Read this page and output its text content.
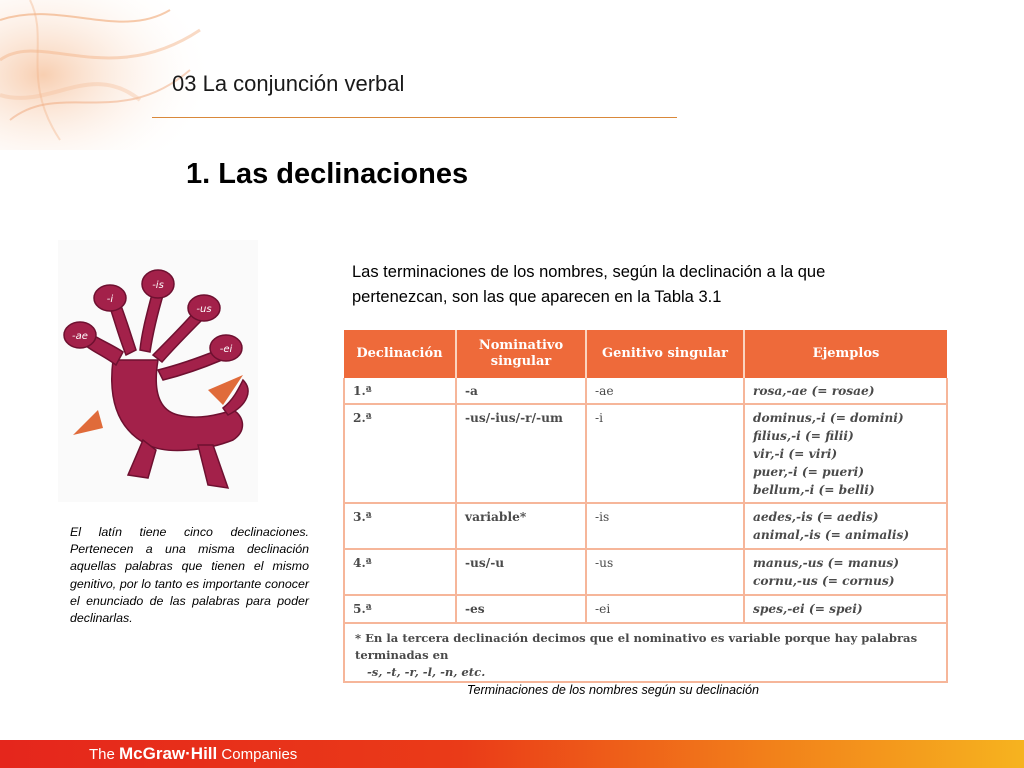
03 La conjunción verbal
1. Las declinaciones
-ae
-i
-is
-us
-ei
El latín tiene cinco declinaciones. Pertenecen a una misma declinación aquellas palabras que tienen el mismo genitivo, por lo tanto es importante conocer el enunciado de las palabras para poder declinarlas.
Las terminaciones de los nombres, según la declinación a la que pertenezcan, son las que aparecen en la Tabla 3.1
Declinación	Nominativo singular	Genitivo singular	Ejemplos
1.ª	-a	-ae	rosa,-ae (= rosae)

2.ª	-us/-ius/-r/-um	-i	dominus,-i (= domini)
filius,-i (= filii)
vir,-i (= viri)
puer,-i (= pueri)
bellum,-i (= belli)

3.ª	variable*	-is	aedes,-is (= aedis)
animal,-is (= animalis)

4.ª	-us/-u	-us	manus,-us (= manus)
cornu,-us (= cornus)

5.ª	-es	-ei	spes,-ei (= spei)

* En la tercera declinación decimos que el nominativo es variable porque hay palabras terminadas en
-s, -t, -r, -l, -n, etc.			
Terminaciones de los nombres según su declinación
The McGraw·Hill Companies
